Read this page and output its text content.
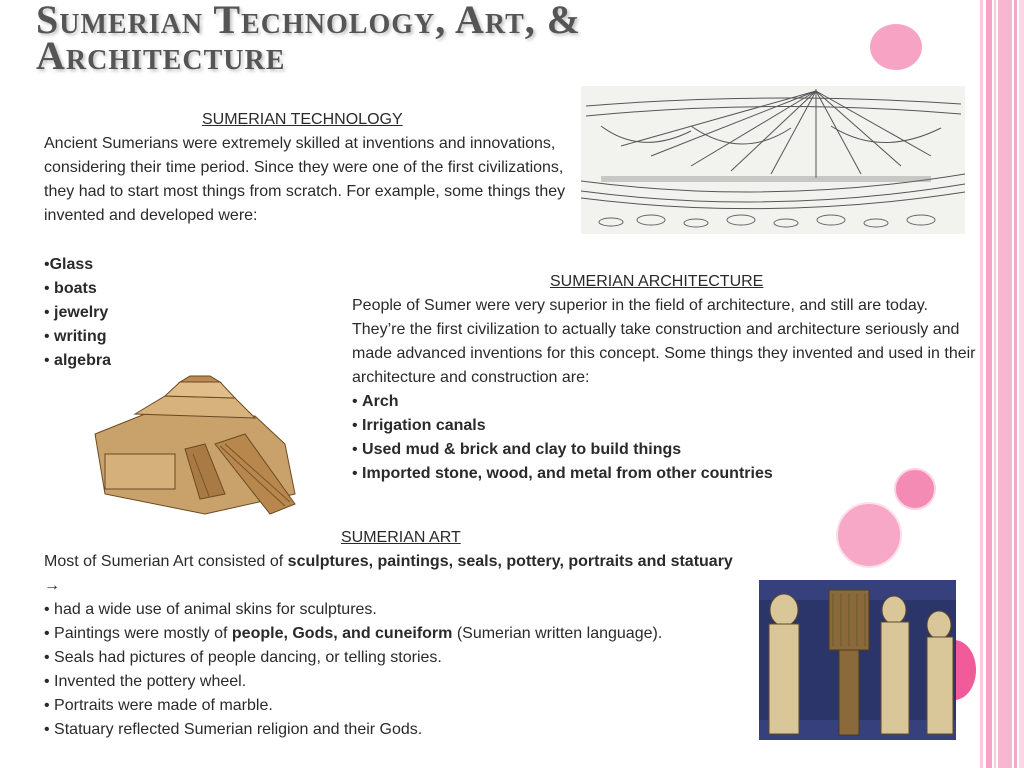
Sumerian Technology, Art, &
Architecture
SUMERIAN TECHNOLOGY

Ancient Sumerians were extremely skilled at inventions and innovations, considering their time period. Since they were one of the first civilizations, they had to start most things from scratch. For example, some things they invented and developed were:

•Glass
• boats
• jewelry
• writing
• algebra
SUMERIAN ARCHITECTURE

People of Sumer were very superior in the field of architecture, and still are today. They’re the first civilization to actually take construction and architecture seriously and made advanced inventions for this concept. Some things they invented and used in their architecture and construction are:

• Arch
• Irrigation canals
• Used mud & brick and clay to build things
• Imported stone, wood, and metal from other countries
SUMERIAN ART

Most of Sumerian Art consisted of sculptures, paintings, seals, pottery, portraits and statuary →

• had a wide use of animal skins for sculptures.
• Paintings were mostly of people, Gods, and cuneiform (Sumerian written language).
• Seals had pictures of people dancing, or telling stories.
• Invented the pottery wheel.
• Portraits were made of marble.
• Statuary reflected Sumerian religion and their Gods.
